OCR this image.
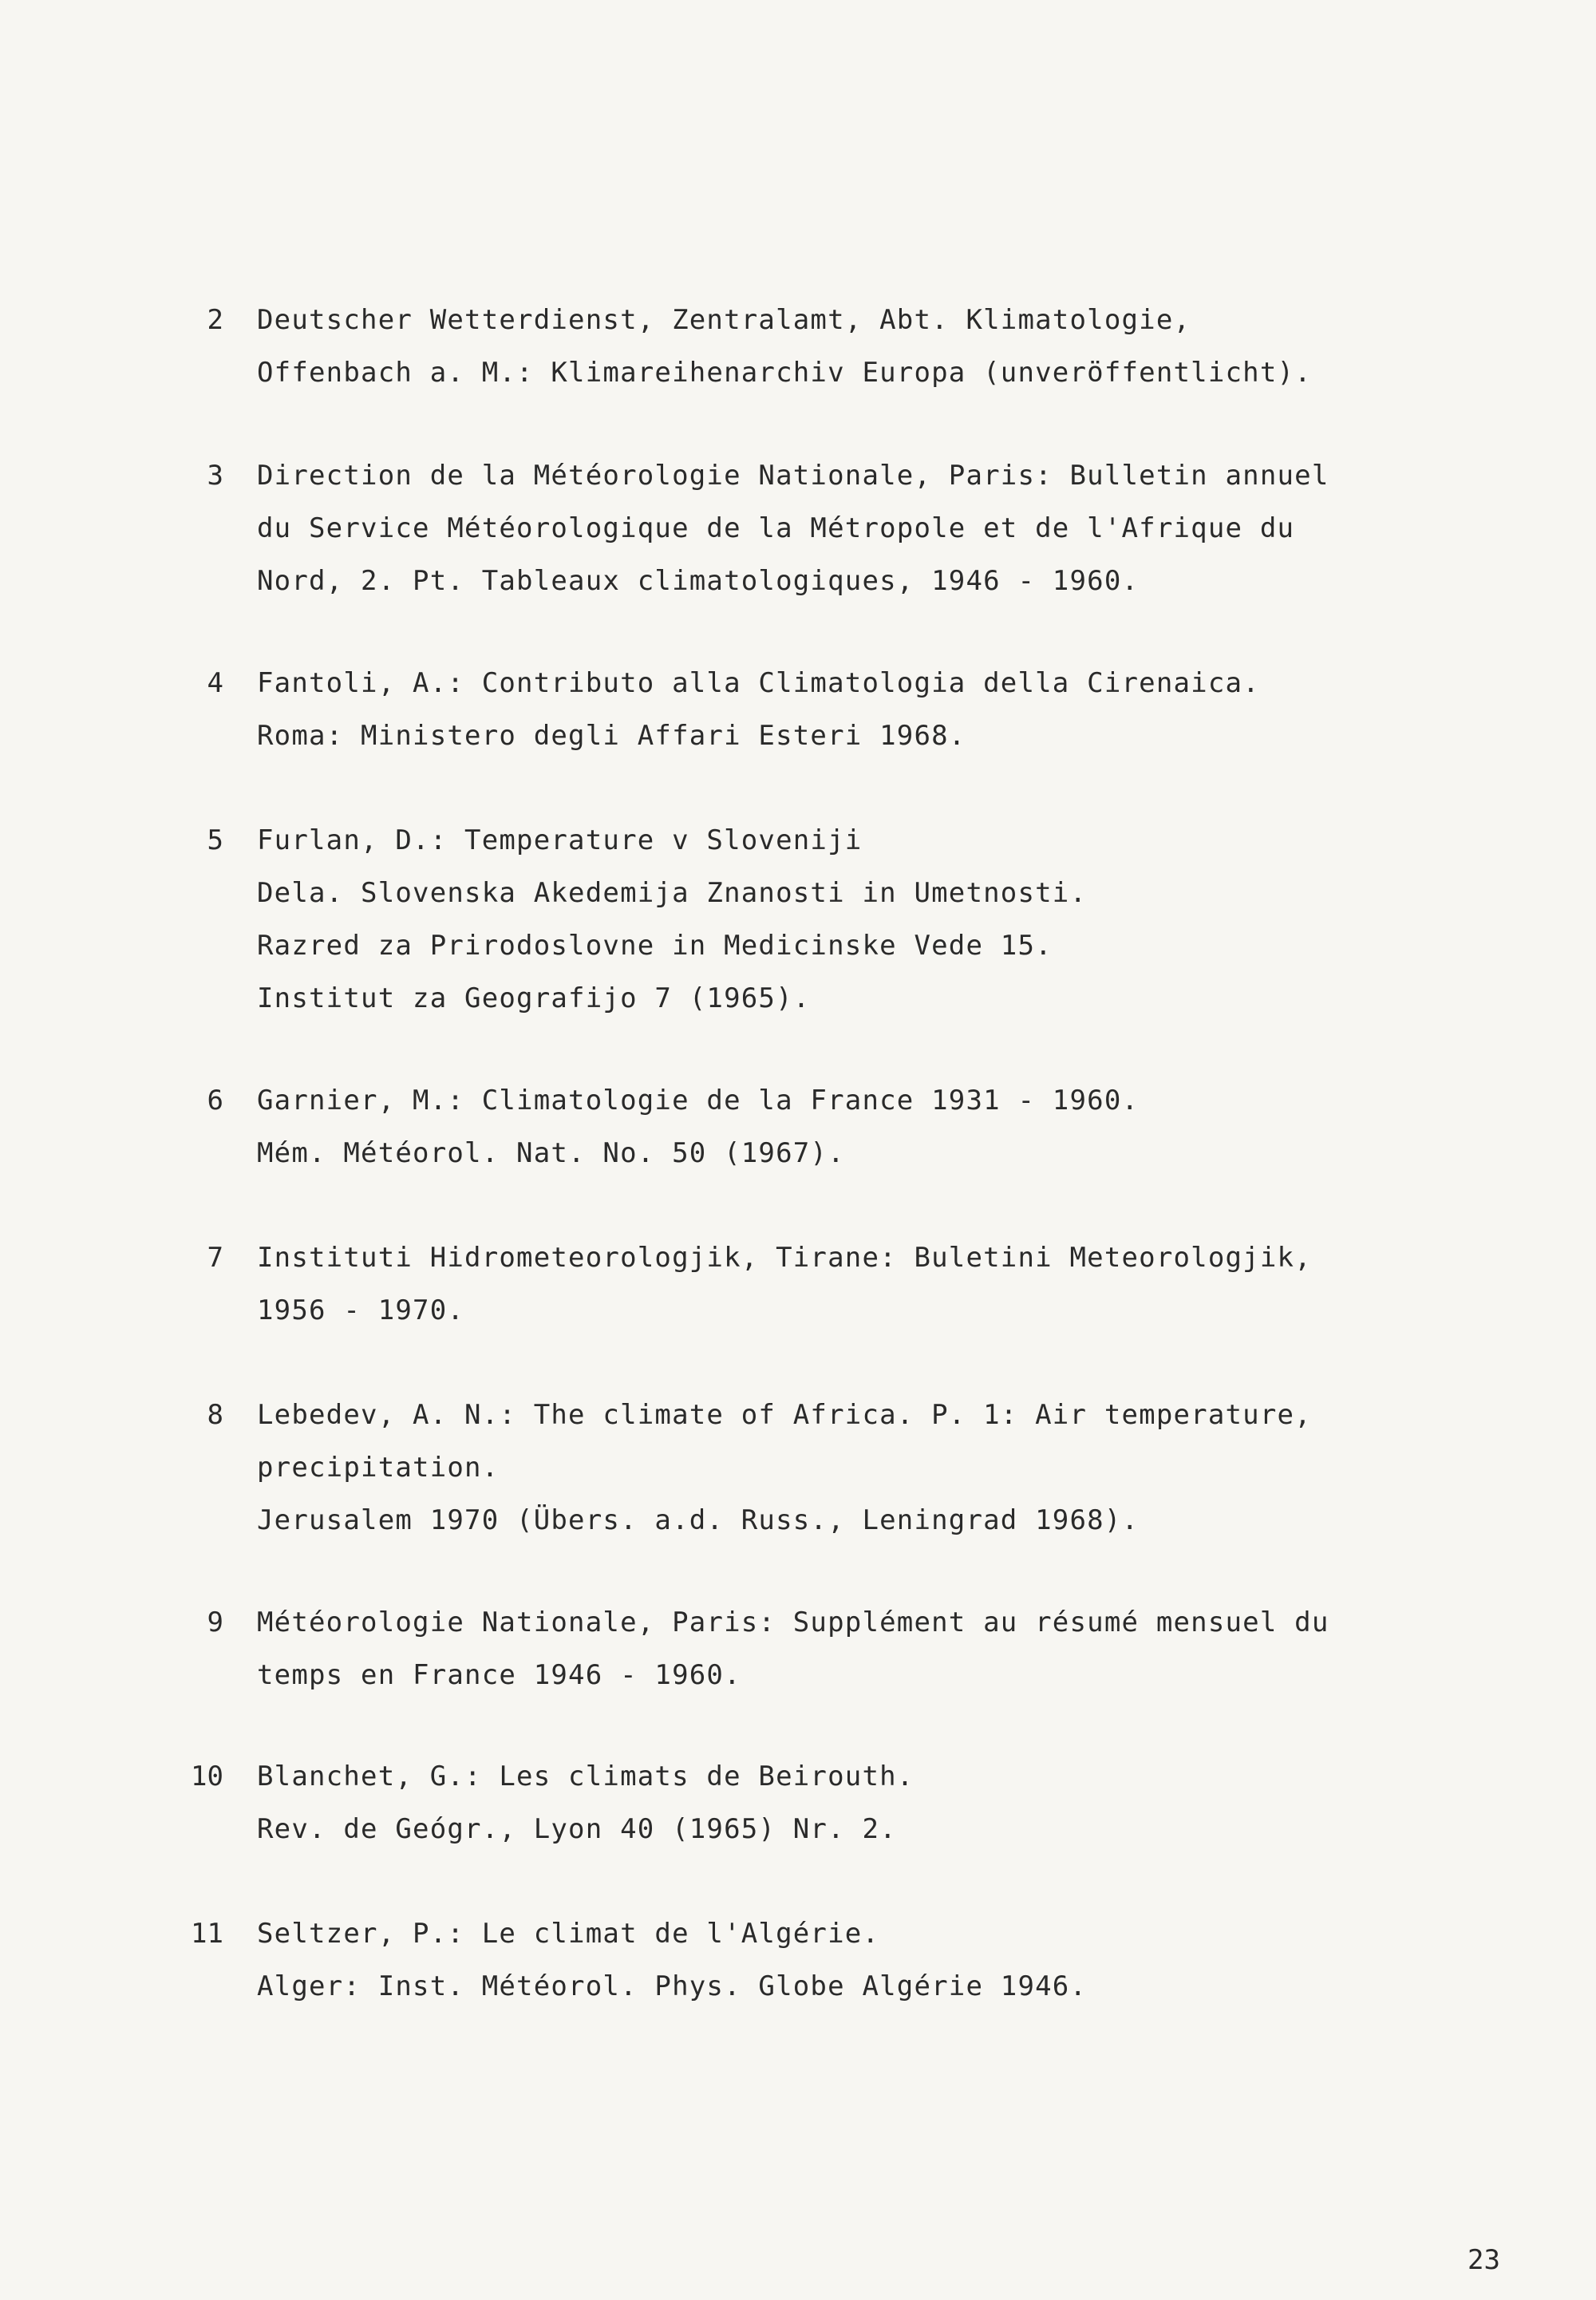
2 Deutscher Wetterdienst, Zentralamt, Abt. Klimatologie,
Offenbach a. M.: Klimareihenarchiv Europa (unveröffentlicht).
3 Direction de la Météorologie Nationale, Paris: Bulletin annuel
du Service Météorologique de la Métropole et de l'Afrique du
Nord, 2. Pt. Tableaux climatologiques, 1946 - 1960.
4 Fantoli, A.: Contributo alla Climatologia della Cirenaica.
Roma: Ministero degli Affari Esteri 1968.
5 Furlan, D.: Temperature v Sloveniji
Dela. Slovenska Akedemija Znanosti in Umetnosti.
Razred za Prirodoslovne in Medicinske Vede 15.
Institut za Geografijo 7 (1965).
6 Garnier, M.: Climatologie de la France 1931 - 1960.
Mém. Météorol. Nat. No. 50 (1967).
7 Instituti Hidrometeorologjik, Tirane: Buletini Meteorologjik,
1956 - 1970.
8 Lebedev, A. N.: The climate of Africa. P. 1: Air temperature,
precipitation.
Jerusalem 1970 (Übers. a.d. Russ., Leningrad 1968).
9 Météorologie Nationale, Paris: Supplément au résumé mensuel du
temps en France 1946 - 1960.
10 Blanchet, G.: Les climats de Beirouth.
Rev. de Geógr., Lyon 40 (1965) Nr. 2.
11 Seltzer, P.: Le climat de l'Algérie.
Alger: Inst. Météorol. Phys. Globe Algérie 1946.
23
